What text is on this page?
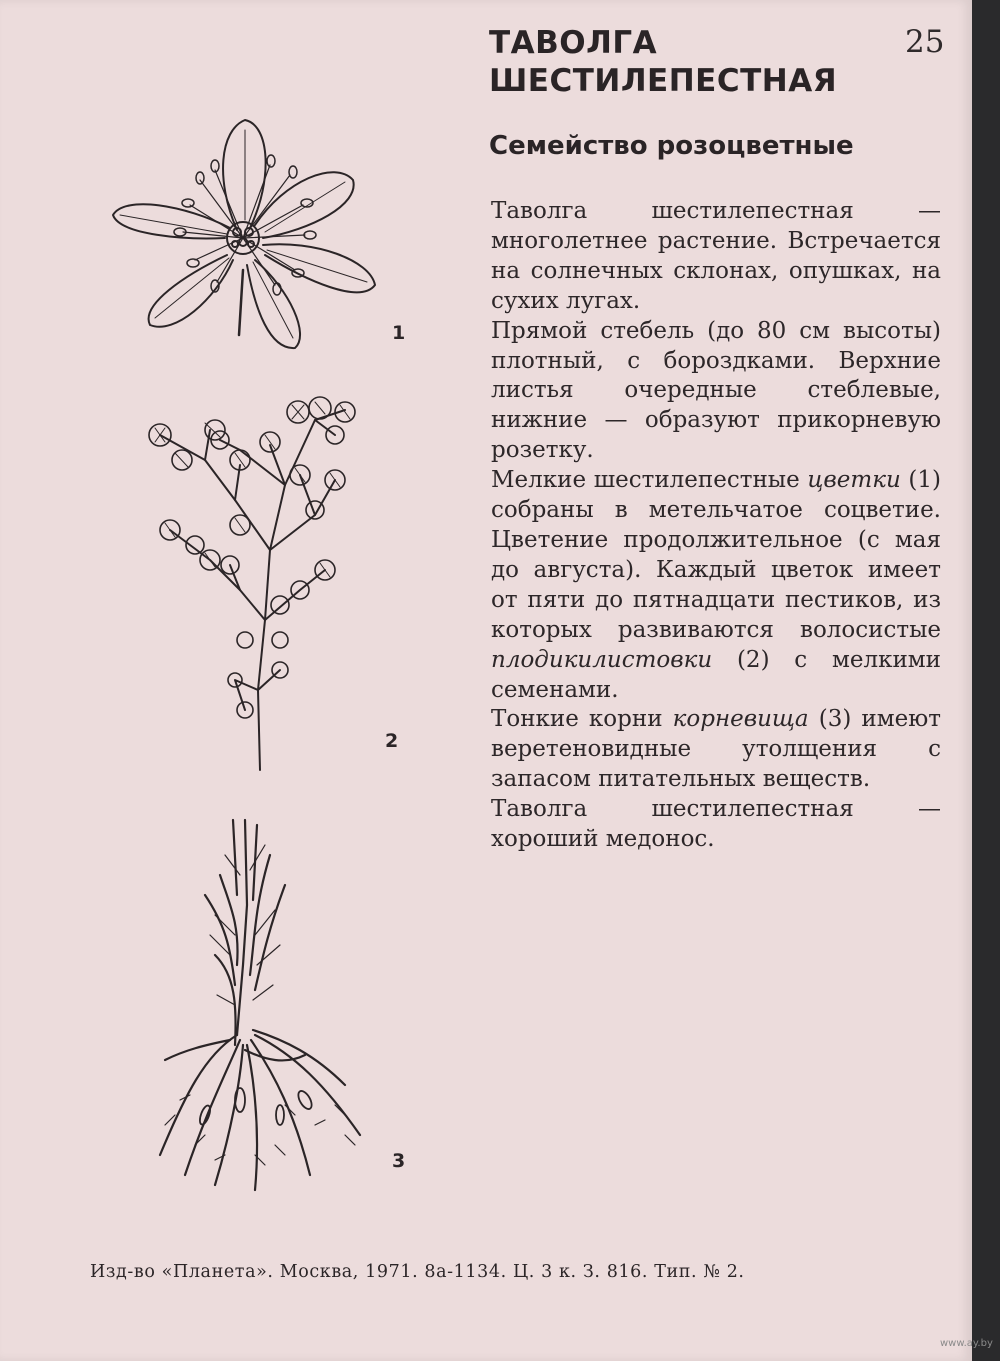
ТАВОЛГА
ШЕСТИЛЕПЕСТНАЯ
25
Семейство розоцветные

Таволга шестилепестная — многолетнее растение. Встречается на солнечных склонах, опушках, на сухих лугах.

Прямой стебель (до 80 см высоты) плотный, с бороздками. Верхние листья очередные стеблевые, нижние — образуют прикорневую розетку.

Мелкие шестилепестные цветки (1) собраны в метельчатое соцветие. Цветение продолжительное (с мая до августа). Каждый цветок имеет от пяти до пятнадцати пестиков, из которых развиваются волосистые плодикилистовки (2) с мелкими семенами.

Тонкие корни корневища (3) имеют веретеновидные утолщения с запасом питательных веществ.

Таволга шестилепестная — хороший медонос.

1
2
3
Изд-во «Планета». Москва, 1971. 8а-1134. Ц. 3 к. З. 816. Тип. № 2.
www.ay.by
